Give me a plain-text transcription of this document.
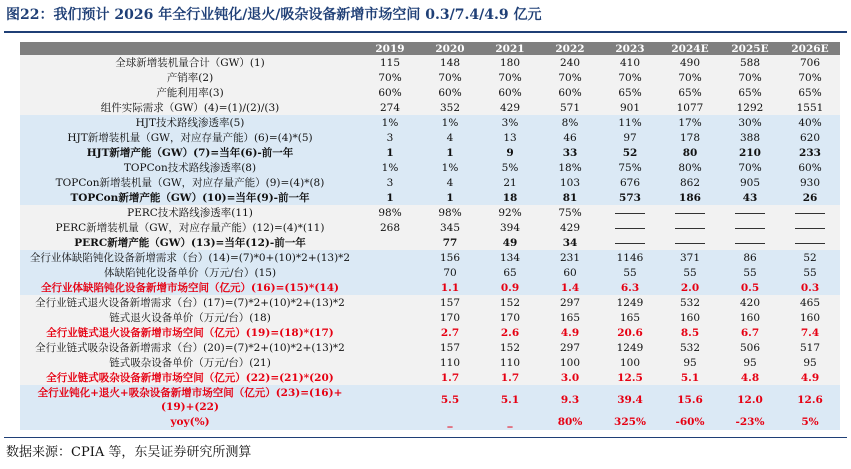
图22：我们预计 2026 年全行业钝化/退火/吸杂设备新增市场空间 0.3/7.4/4.9 亿元
	2019	2020	2021	2022	2023	2024E	2025E	2026E
全球新增装机量合计（GW）(1)	115	148	180	240	410	490	588	706
产销率(2)	70%	70%	70%	70%	70%	70%	70%	70%
产能利用率(3)	60%	60%	60%	60%	65%	65%	65%	65%
组件实际需求（GW）(4)=(1)/(2)/(3)	274	352	429	571	901	1077	1292	1551
HJT技术路线渗透率(5)	1%	1%	3%	8%	11%	17%	30%	40%
HJT新增装机量（GW，对应存量产能）(6)=(4)*(5)	3	4	13	46	97	178	388	620
HJT新增产能（GW）(7)=当年(6)-前一年	1	1	9	33	52	80	210	233
TOPCon技术路线渗透率(8)	1%	1%	5%	18%	75%	80%	70%	60%
TOPCon新增装机量（GW，对应存量产能）(9)=(4)*(8)	3	4	21	103	676	862	905	930
TOPCon新增产能（GW）(10)=当年(9)-前一年	1	1	18	81	573	186	43	26
PERC技术路线渗透率(11)	98%	98%	92%	75%				
PERC新增装机量（GW，对应存量产能）(12)=(4)*(11)	268	345	394	429				
PERC新增产能（GW）(13)=当年(12)-前一年		77	49	34				
全行业体缺陷钝化设备新增需求（台）(14)=(7)*0+(10)*2+(13)*2		156	134	231	1146	371	86	52
体缺陷钝化设备单价（万元/台）(15)		70	65	60	55	55	55	55
全行业体缺陷钝化设备新增市场空间（亿元）(16)=(15)*(14)		1.1	0.9	1.4	6.3	2.0	0.5	0.3
全行业链式退火设备新增需求（台）(17)=(7)*2+(10)*2+(13)*2		157	152	297	1249	532	420	465
链式退火设备单价（万元/台）(18)		170	170	165	165	160	160	160
全行业链式退火设备新增市场空间（亿元）(19)=(18)*(17)		2.7	2.6	4.9	20.6	8.5	6.7	7.4
全行业链式吸杂设备新增需求（台）(20)=(7)*2+(10)*2+(13)*2		157	152	297	1249	532	506	517
链式吸杂设备单价（万元/台）(21)		110	110	100	100	95	95	95
全行业链式吸杂设备新增市场空间（亿元）(22)=(21)*(20)		1.7	1.7	3.0	12.5	5.1	4.8	4.9
全行业钝化+退火+吸杂设备新增市场空间（亿元）(23)=(16)+(19)+(22)		5.5	5.1	9.3	39.4	15.6	12.0	12.6
yoy(%)		_	_	80%	325%	-60%	-23%	5%
数据来源：CPIA 等，东吴证券研究所测算
